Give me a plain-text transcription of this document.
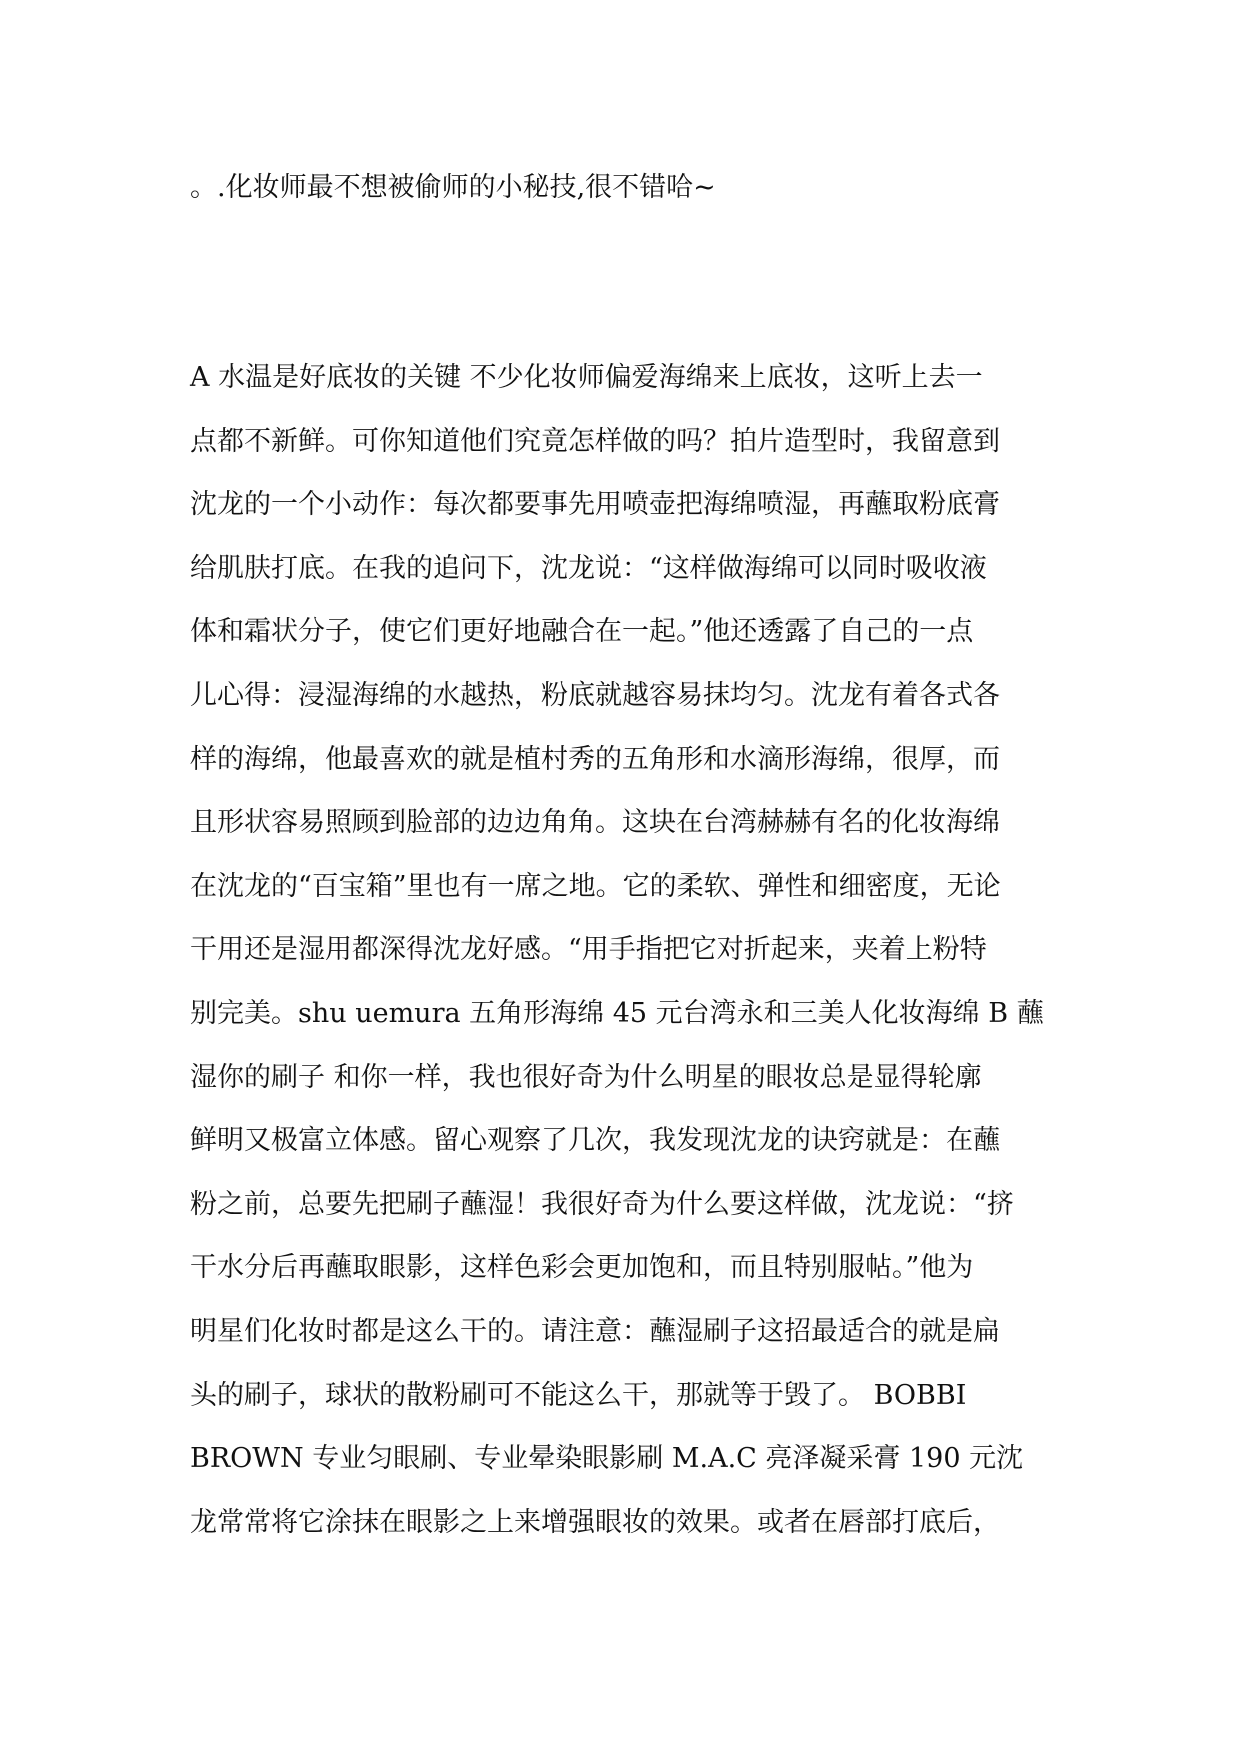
。.化妆师最不想被偷师的小秘技,很不错哈~
A 水温是好底妆的关键 不少化妆师偏爱海绵来上底妆，这听上去一
点都不新鲜。可你知道他们究竟怎样做的吗？拍片造型时，我留意到
沈龙的一个小动作：每次都要事先用喷壶把海绵喷湿，再蘸取粉底膏
给肌肤打底。在我的追问下，沈龙说：“这样做海绵可以同时吸收液
体和霜状分子，使它们更好地融合在一起。”他还透露了自己的一点
儿心得：浸湿海绵的水越热，粉底就越容易抹均匀。沈龙有着各式各
样的海绵，他最喜欢的就是植村秀的五角形和水滴形海绵，很厚，而
且形状容易照顾到脸部的边边角角。这块在台湾赫赫有名的化妆海绵
在沈龙的“百宝箱”里也有一席之地。它的柔软、弹性和细密度，无论
干用还是湿用都深得沈龙好感。“用手指把它对折起来，夹着上粉特
别完美。shu uemura 五角形海绵 45 元台湾永和三美人化妆海绵 B 蘸
湿你的刷子 和你一样，我也很好奇为什么明星的眼妆总是显得轮廓
鲜明又极富立体感。留心观察了几次，我发现沈龙的诀窍就是：在蘸
粉之前，总要先把刷子蘸湿！我很好奇为什么要这样做，沈龙说：“挤
干水分后再蘸取眼影，这样色彩会更加饱和，而且特别服帖。”他为
明星们化妆时都是这么干的。请注意：蘸湿刷子这招最适合的就是扁
头的刷子，球状的散粉刷可不能这么干，那就等于毁了。 BOBBI
BROWN 专业匀眼刷、专业晕染眼影刷 M.A.C 亮泽凝采膏 190 元沈
龙常常将它涂抹在眼影之上来增强眼妆的效果。或者在唇部打底后，
